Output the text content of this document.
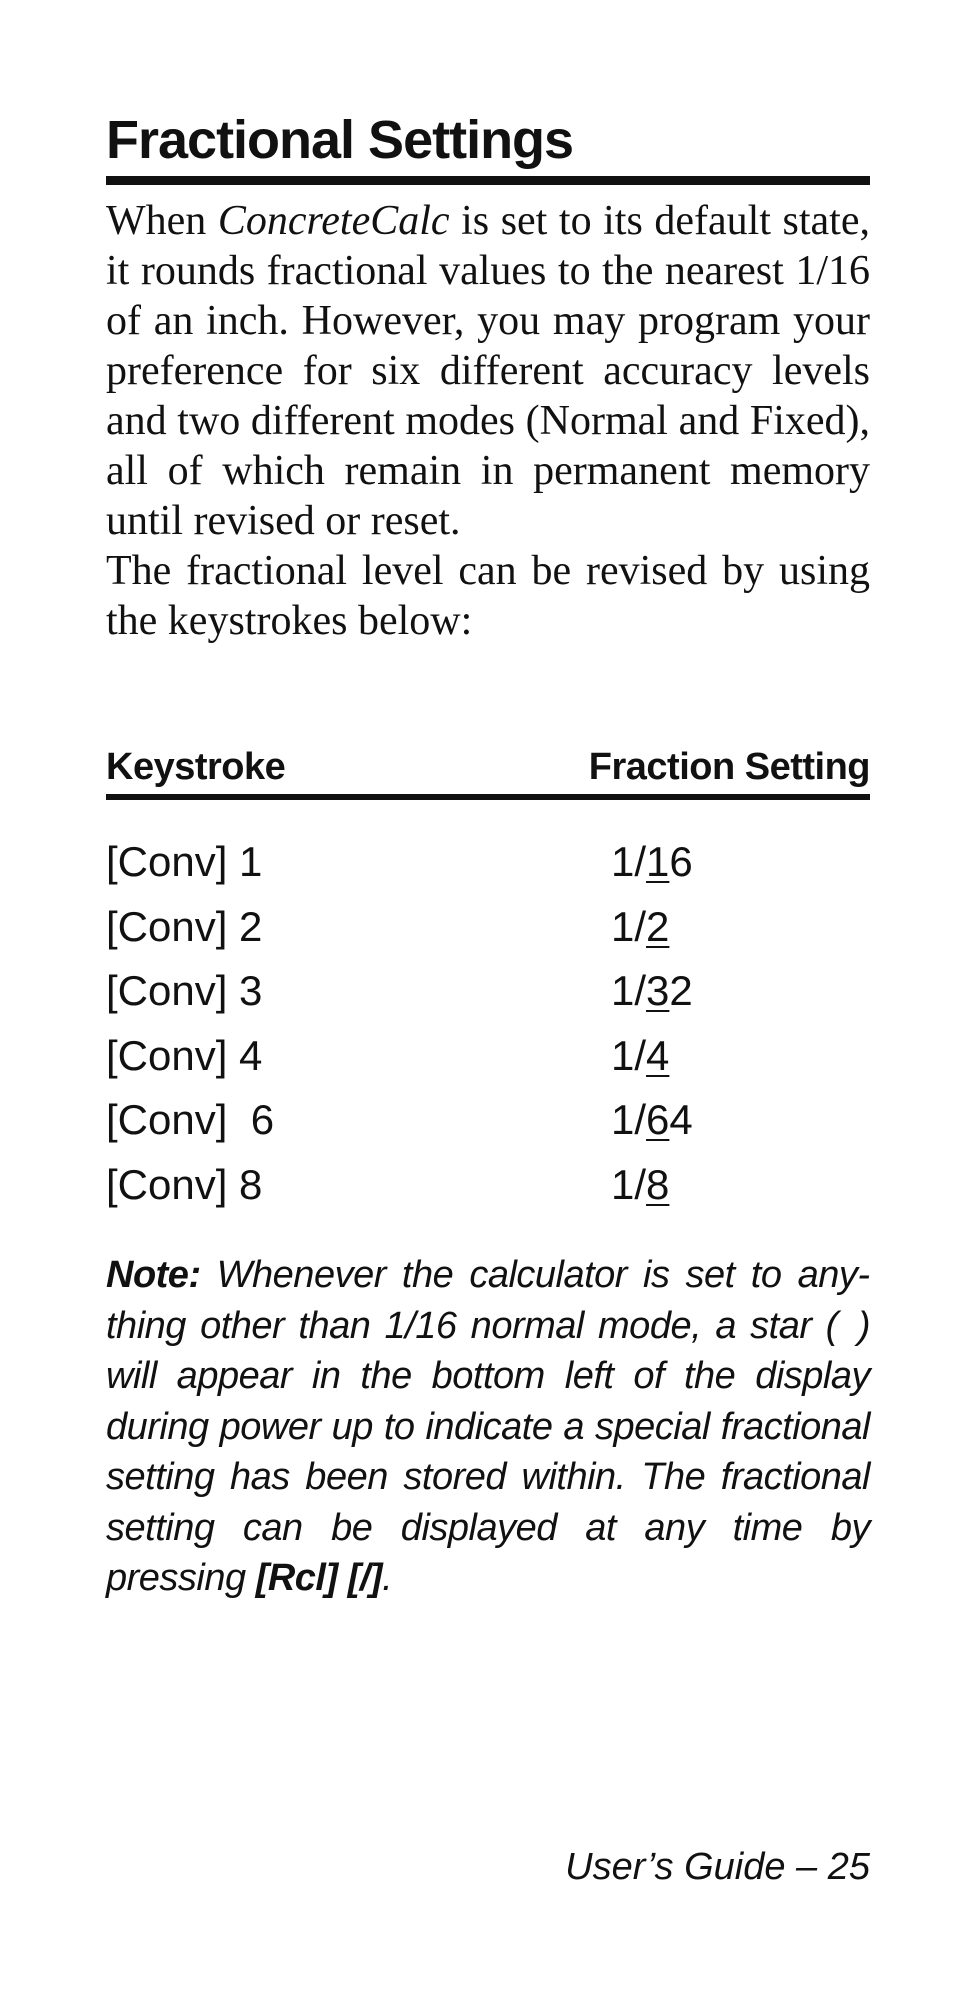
Fractional Settings

When ConcreteCalc is set to its default state, it rounds fractional values to the nearest 1/16 of an inch. However, you may program your preference for six different accuracy levels and two different modes (Normal and Fixed), all of which remain in permanent memory until revised or reset.

The fractional level can be revised by using the keystrokes below:

Keystroke	Fraction Setting
[Conv] 1	1/16
[Conv] 2	1/2
[Conv] 3	1/32
[Conv] 4	1/4
[Conv]  6	1/64
[Conv] 8	1/8
Note: Whenever the calculator is set to anything other than 1/16 normal mode, a star ( ) will appear in the bottom left of the display during power up to indicate a special fractional setting has been stored within. The fractional setting can be displayed at any time by pressing [Rcl] [/].
User’s Guide – 25
